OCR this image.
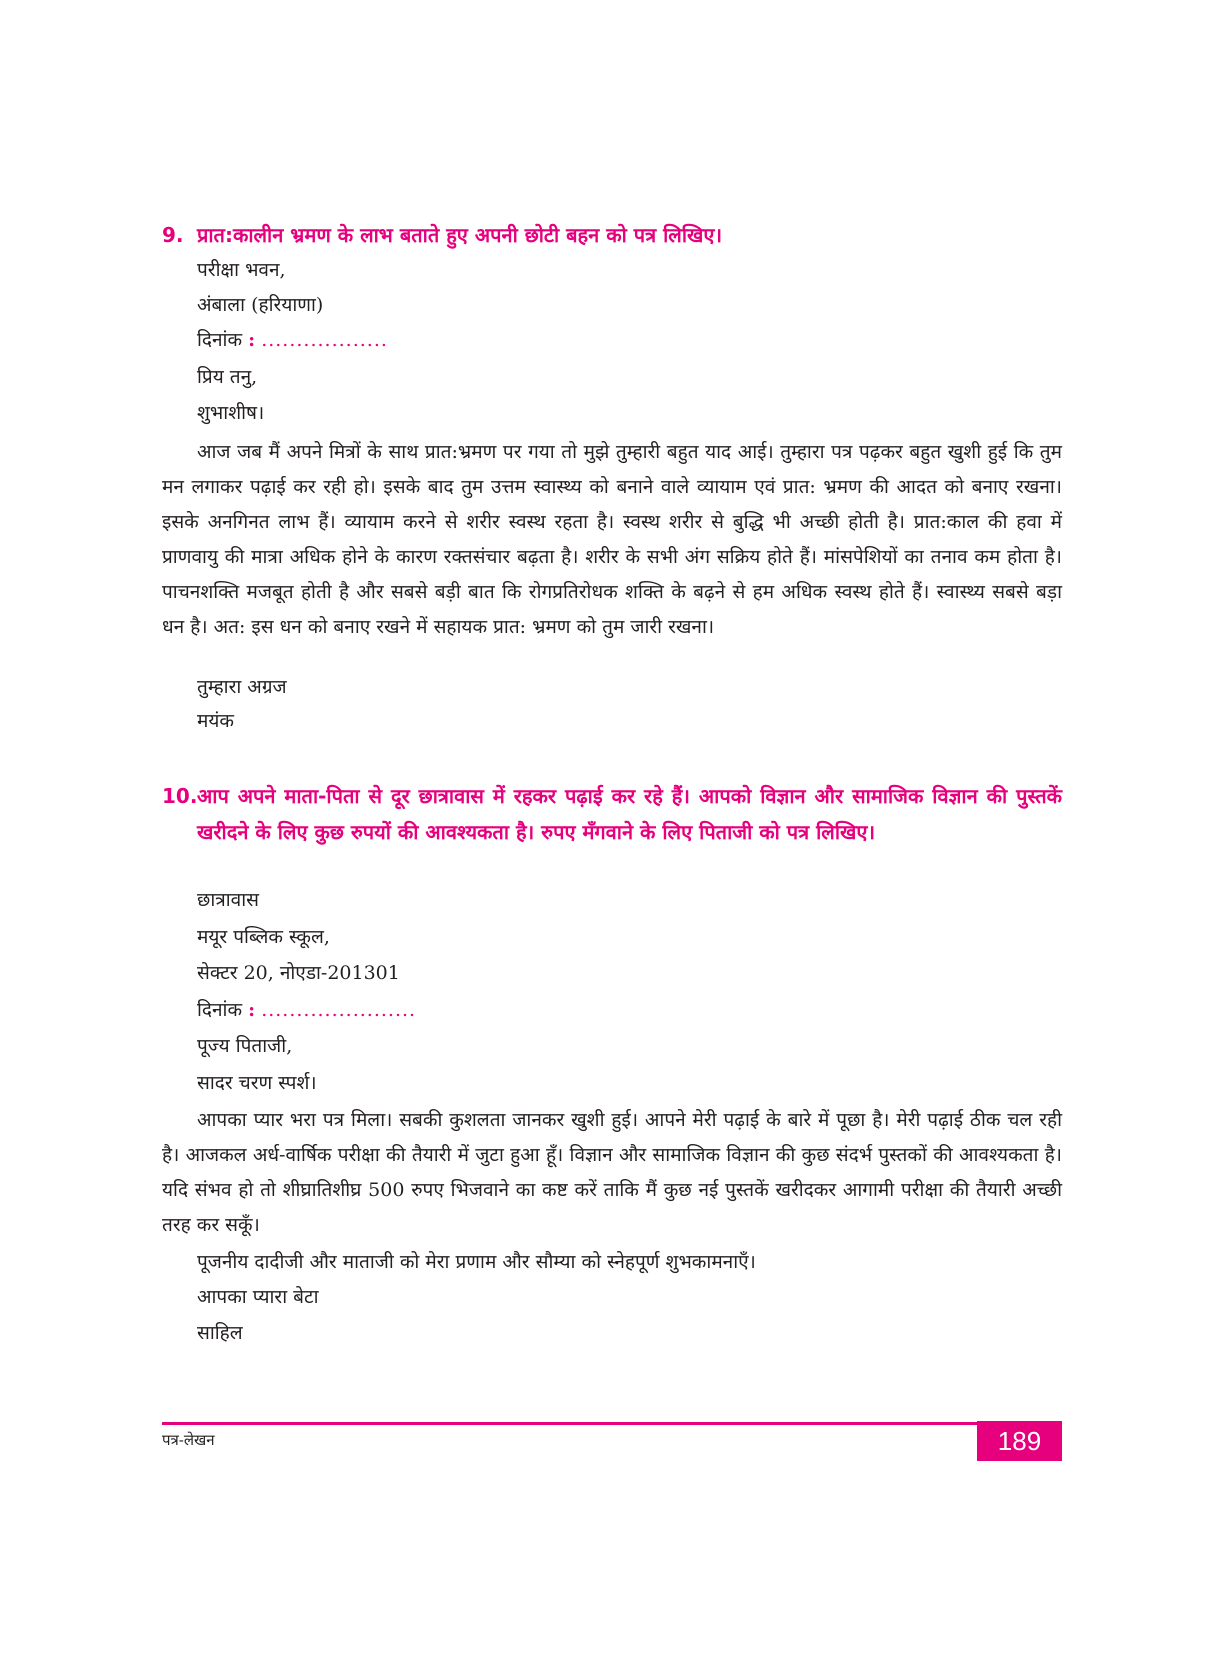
9. प्रात:कालीन भ्रमण के लाभ बताते हुए अपनी छोटी बहन को पत्र लिखिए।
परीक्षा भवन,
अंबाला (हरियाणा)
दिनांक : ..................
प्रिय तनु,
शुभाशीष।
आज जब मैं अपने मित्रों के साथ प्रात:भ्रमण पर गया तो मुझे तुम्हारी बहुत याद आई। तुम्हारा पत्र पढ़कर बहुत खुशी हुई कि तुम मन लगाकर पढ़ाई कर रही हो। इसके बाद तुम उत्तम स्वास्थ्य को बनाने वाले व्यायाम एवं प्रात: भ्रमण की आदत को बनाए रखना। इसके अनगिनत लाभ हैं। व्यायाम करने से शरीर स्वस्थ रहता है। स्वस्थ शरीर से बुद्धि भी अच्छी होती है। प्रात:काल की हवा में प्राणवायु की मात्रा अधिक होने के कारण रक्तसंचार बढ़ता है। शरीर के सभी अंग सक्रिय होते हैं। मांसपेशियों का तनाव कम होता है। पाचनशक्ति मजबूत होती है और सबसे बड़ी बात कि रोगप्रतिरोधक शक्ति के बढ़ने से हम अधिक स्वस्थ होते हैं। स्वास्थ्य सबसे बड़ा धन है। अत: इस धन को बनाए रखने में सहायक प्रात: भ्रमण को तुम जारी रखना।
तुम्हारा अग्रज
मयंक
10. आप अपने माता-पिता से दूर छात्रावास में रहकर पढ़ाई कर रहे हैं। आपको विज्ञान और सामाजिक विज्ञान की पुस्तकें खरीदने के लिए कुछ रुपयों की आवश्यकता है। रुपए मँगवाने के लिए पिताजी को पत्र लिखिए।
छात्रावास
मयूर पब्लिक स्कूल,
सेक्टर 20, नोएडा-201301
दिनांक : ......................
पूज्य पिताजी,
सादर चरण स्पर्श।
आपका प्यार भरा पत्र मिला। सबकी कुशलता जानकर खुशी हुई। आपने मेरी पढ़ाई के बारे में पूछा है। मेरी पढ़ाई ठीक चल रही है। आजकल अर्ध-वार्षिक परीक्षा की तैयारी में जुटा हुआ हूँ। विज्ञान और सामाजिक विज्ञान की कुछ संदर्भ पुस्तकों की आवश्यकता है। यदि संभव हो तो शीघ्रातिशीघ्र 500 रुपए भिजवाने का कष्ट करें ताकि मैं कुछ नई पुस्तकें खरीदकर आगामी परीक्षा की तैयारी अच्छी तरह कर सकूँ।
पूजनीय दादीजी और माताजी को मेरा प्रणाम और सौम्या को स्नेहपूर्ण शुभकामनाएँ।
आपका प्यारा बेटा
साहिल
पत्र-लेखन	189
